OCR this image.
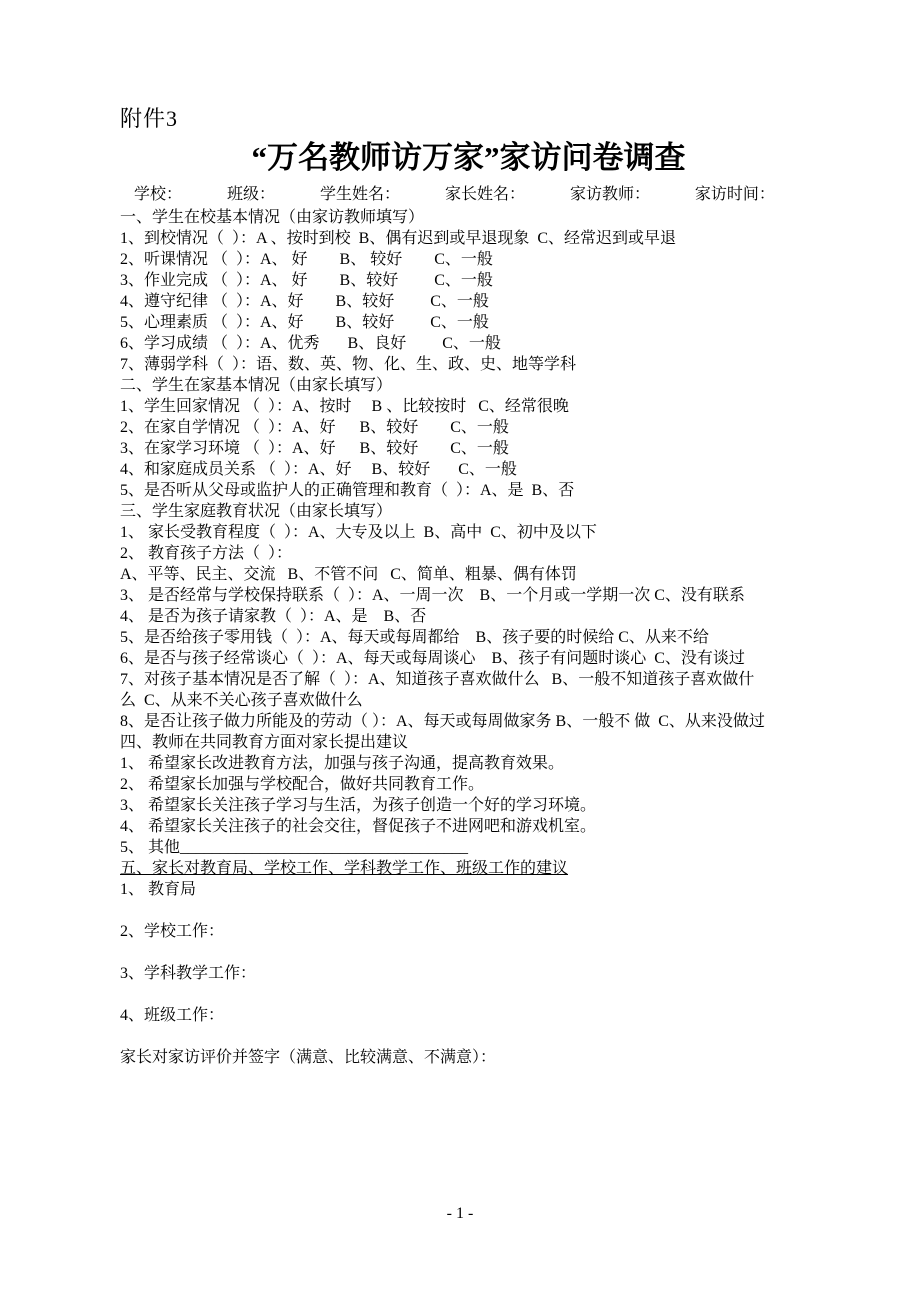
附件3
“万名教师访万家”家访问卷调查
学校：	班级：	学生姓名：	家长姓名：	家访教师：	家访时间：
一、学生在校基本情况（由家访教师填写）
1、到校情况（  ）：A 、按时到校  B、偶有迟到或早退现象  C、经常迟到或早退
2、听课情况 （  ）：A、 好        B、 较好        C、一般
3、作业完成 （  ）：A、 好        B、较好         C、一般
4、遵守纪律 （  ）：A、好        B、较好         C、一般
5、心理素质 （  ）：A、好        B、较好         C、一般
6、学习成绩 （  ）：A、优秀       B、良好         C、一般
7、薄弱学科（  ）：语、数、英、物、化、生、政、史、地等学科
二、学生在家基本情况（由家长填写）
1、学生回家情况 （  ）：A、按时     B 、比较按时   C、经常很晚
2、在家自学情况 （  ）：A、好      B、较好        C、一般
3、在家学习环境 （  ）：A、好      B、较好        C、一般
4、和家庭成员关系 （  ）：A、好     B、较好       C、一般
5、是否听从父母或监护人的正确管理和教育（  ）：A、是  B、否
三、学生家庭教育状况（由家长填写）
1、 家长受教育程度（  ）：A、大专及以上  B、高中  C、初中及以下
2、 教育孩子方法（  ）：
A、平等、民主、交流   B、不管不问   C、简单、粗暴、偶有体罚
3、 是否经常与学校保持联系（  ）：A、一周一次    B、一个月或一学期一次 C、没有联系
4、 是否为孩子请家教（  ）：A、是    B、否
5、是否给孩子零用钱（  ）：A、每天或每周都给    B、孩子要的时候给 C、从来不给
6、是否与孩子经常谈心（  ）：A、每天或每周谈心    B、孩子有问题时谈心  C、没有谈过
7、对孩子基本情况是否了解（  ）：A、知道孩子喜欢做什么   B、一般不知道孩子喜欢做什
么  C、从来不关心孩子喜欢做什么
8、是否让孩子做力所能及的劳动（ ）：A、每天或每周做家务 B、一般不 做  C、从来没做过
四、教师在共同教育方面对家长提出建议
1、 希望家长改进教育方法，加强与孩子沟通，提高教育效果。
2、 希望家长加强与学校配合，做好共同教育工作。
3、 希望家长关注孩子学习与生活，为孩子创造一个好的学习环境。
4、 希望家长关注孩子的社会交往，督促孩子不进网吧和游戏机室。
5、 其他____________________________________
五、家长对教育局、学校工作、学科教学工作、班级工作的建议
1、 教育局
2、学校工作：
3、学科教学工作：
4、班级工作：
家长对家访评价并签字（满意、比较满意、不满意）：
- 1 -
